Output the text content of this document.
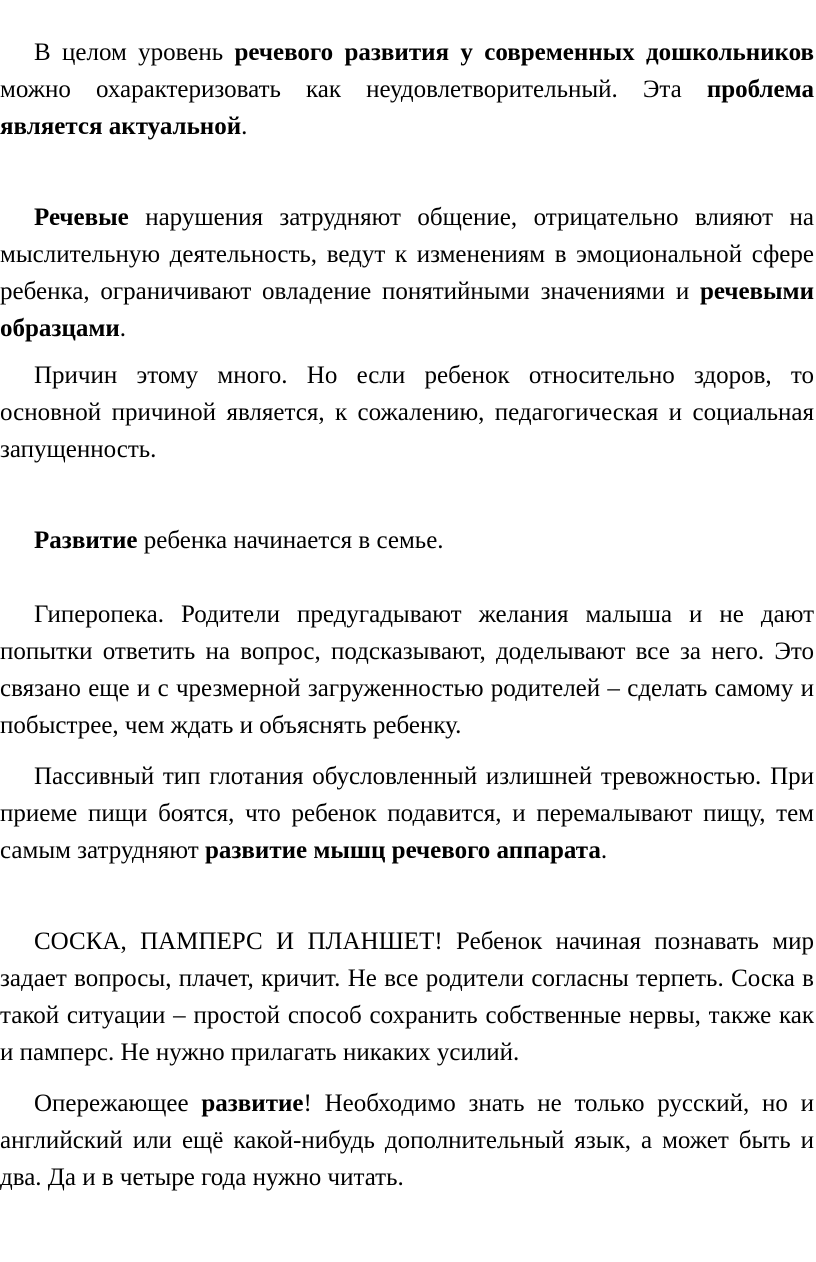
В целом уровень речевого развития у современных дошкольников можно охарактеризовать как неудовлетворительный. Эта проблема является актуальной.

Речевые нарушения затрудняют общение, отрицательно влияют на мыслительную деятельность, ведут к изменениям в эмоциональной сфере ребенка, ограничивают овладение понятийными значениями и речевыми образцами.

Причин этому много. Но если ребенок относительно здоров, то основной причиной является, к сожалению, педагогическая и социальная запущенность.

Развитие ребенка начинается в семье.

Гиперопека. Родители предугадывают желания малыша и не дают попытки ответить на вопрос, подсказывают, доделывают все за него. Это связано еще и с чрезмерной загруженностью родителей – сделать самому и побыстрее, чем ждать и объяснять ребенку.

Пассивный тип глотания обусловленный излишней тревожностью. При приеме пищи боятся, что ребенок подавится, и перемалывают пищу, тем самым затрудняют развитие мышц речевого аппарата.

СОСКА, ПАМПЕРС И ПЛАНШЕТ! Ребенок начиная познавать мир задает вопросы, плачет, кричит. Не все родители согласны терпеть. Соска в такой ситуации – простой способ сохранить собственные нервы, также как и памперс. Не нужно прилагать никаких усилий.

Опережающее развитие! Необходимо знать не только русский, но и английский или ещё какой-нибудь дополнительный язык, а может быть и два. Да и в четыре года нужно читать.
